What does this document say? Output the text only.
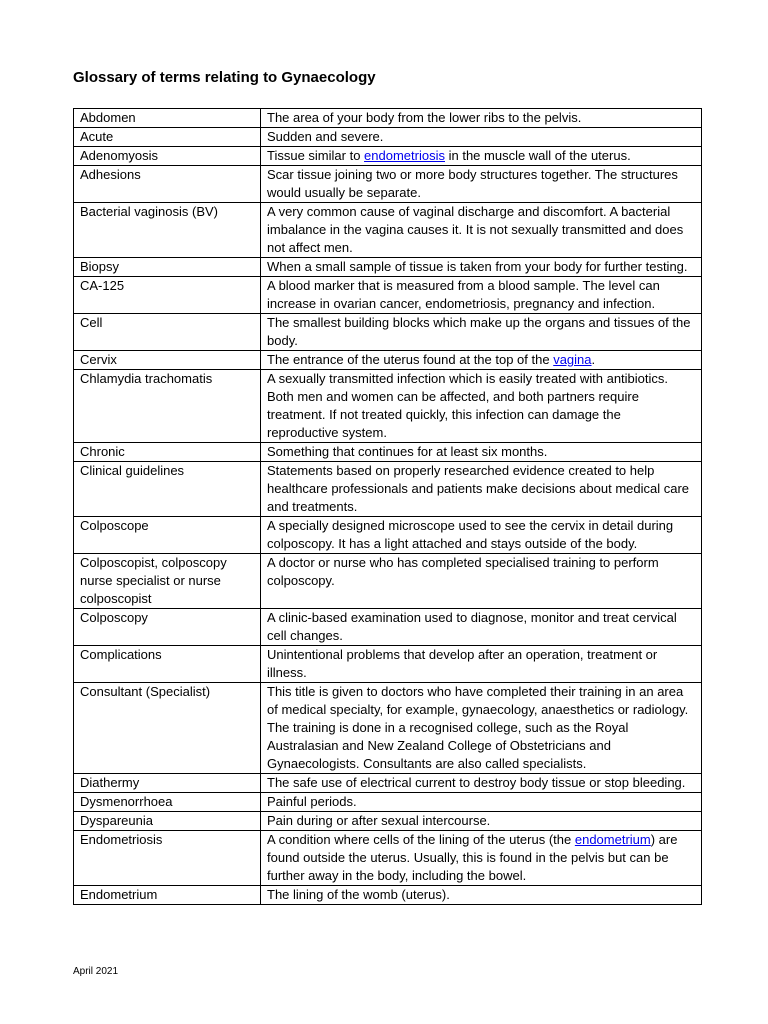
Glossary of terms relating to Gynaecology
Abdomen	The area of your body from the lower ribs to the pelvis.
Acute	Sudden and severe.
Adenomyosis	Tissue similar to endometriosis in the muscle wall of the uterus.
Adhesions	Scar tissue joining two or more body structures together. The structures would usually be separate.
Bacterial vaginosis (BV)	A very common cause of vaginal discharge and discomfort. A bacterial imbalance in the vagina causes it. It is not sexually transmitted and does not affect men.
Biopsy	When a small sample of tissue is taken from your body for further testing.
CA-125	A blood marker that is measured from a blood sample. The level can increase in ovarian cancer, endometriosis, pregnancy and infection.
Cell	The smallest building blocks which make up the organs and tissues of the body.
Cervix	The entrance of the uterus found at the top of the vagina.
Chlamydia trachomatis	A sexually transmitted infection which is easily treated with antibiotics. Both men and women can be affected, and both partners require treatment. If not treated quickly, this infection can damage the reproductive system.
Chronic	Something that continues for at least six months.
Clinical guidelines	Statements based on properly researched evidence created to help healthcare professionals and patients make decisions about medical care and treatments.
Colposcope	A specially designed microscope used to see the cervix in detail during colposcopy. It has a light attached and stays outside of the body.
Colposcopist, colposcopy nurse specialist or nurse colposcopist	A doctor or nurse who has completed specialised training to perform colposcopy.
Colposcopy	A clinic-based examination used to diagnose, monitor and treat cervical cell changes.
Complications	Unintentional problems that develop after an operation, treatment or illness.
Consultant (Specialist)	This title is given to doctors who have completed their training in an area of medical specialty, for example, gynaecology, anaesthetics or radiology. The training is done in a recognised college, such as the Royal Australasian and New Zealand College of Obstetricians and Gynaecologists. Consultants are also called specialists.
Diathermy	The safe use of electrical current to destroy body tissue or stop bleeding.
Dysmenorrhoea	Painful periods.
Dyspareunia	Pain during or after sexual intercourse.
Endometriosis	A condition where cells of the lining of the uterus (the endometrium) are found outside the uterus. Usually, this is found in the pelvis but can be further away in the body, including the bowel.
Endometrium	The lining of the womb (uterus).
April 2021
